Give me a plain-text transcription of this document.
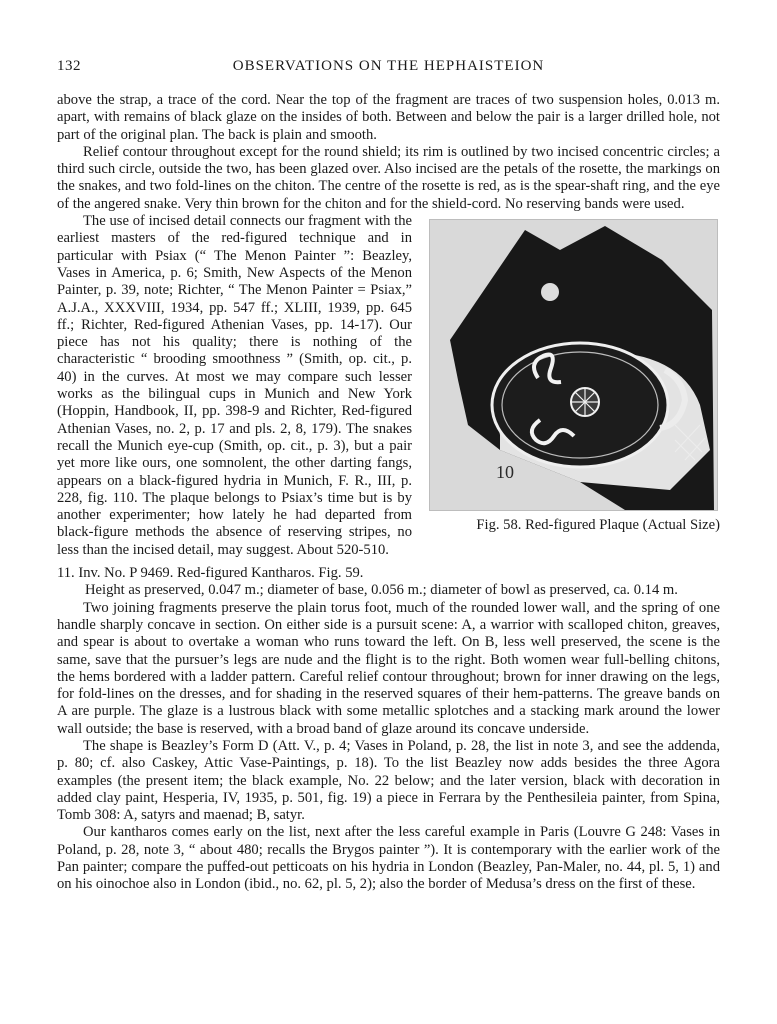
132	OBSERVATIONS ON THE HEPHAISTEION

above the strap, a trace of the cord. Near the top of the fragment are traces of two suspension holes, 0.013 m. apart, with remains of black glaze on the insides of both. Between and below the pair is a larger drilled hole, not part of the original plan. The back is plain and smooth.

Relief contour throughout except for the round shield; its rim is outlined by two incised concentric circles; a third such circle, outside the two, has been glazed over. Also incised are the petals of the rosette, the markings on the snakes, and two fold-lines on the chiton. The centre of the rosette is red, as is the spear-shaft ring, and the eye of the angered snake. Very thin brown for the chiton and for the shield-cord. No reserving bands were used.

10
Fig. 58. Red-figured Plaque (Actual Size)

The use of incised detail connects our fragment with the earliest masters of the red-figured technique and in particular with Psiax (“ The Menon Painter ”: Beazley, Vases in America, p. 6; Smith, New Aspects of the Menon Painter, p. 39, note; Richter, “ The Menon Painter = Psiax,” A.J.A., XXXVIII, 1934, pp. 547 ff.; XLIII, 1939, pp. 645 ff.; Richter, Red-figured Athenian Vases, pp. 14-17). Our piece has not his quality; there is nothing of the characteristic “ brooding smoothness ” (Smith, op. cit., p. 40) in the curves. At most we may compare such lesser works as the bilingual cups in Munich and New York (Hoppin, Handbook, II, pp. 398-9 and Richter, Red-figured Athenian Vases, no. 2, p. 17 and pls. 2, 8, 179). The snakes recall the Munich eye-cup (Smith, op. cit., p. 3), but a pair yet more like ours, one somnolent, the other darting fangs, appears on a black-figured hydria in Munich, F. R., III, p. 228, fig. 110. The plaque belongs to Psiax’s time but is by another experimenter; how lately he had departed from black-figure methods the absence of reserving stripes, no less than the incised detail, may suggest. About 520-510.

11. Inv. No. P 9469. Red-figured Kantharos. Fig. 59.

Height as preserved, 0.047 m.; diameter of base, 0.056 m.; diameter of bowl as preserved, ca. 0.14 m.

Two joining fragments preserve the plain torus foot, much of the rounded lower wall, and the spring of one handle sharply concave in section. On either side is a pursuit scene: A, a warrior with scalloped chiton, greaves, and spear is about to overtake a woman who runs toward the left. On B, less well preserved, the scene is the same, save that the pursuer’s legs are nude and the flight is to the right. Both women wear full-belling chitons, the hems bordered with a ladder pattern. Careful relief contour throughout; brown for inner drawing on the legs, for fold-lines on the dresses, and for shading in the reserved squares of their hem-patterns. The greave bands on A are purple. The glaze is a lustrous black with some metallic splotches and a stacking mark around the lower wall outside; the base is reserved, with a broad band of glaze around its concave underside.

The shape is Beazley’s Form D (Att. V., p. 4; Vases in Poland, p. 28, the list in note 3, and see the addenda, p. 80; cf. also Caskey, Attic Vase-Paintings, p. 18). To the list Beazley now adds besides the three Agora examples (the present item; the black example, No. 22 below; and the later version, black with decoration in added clay paint, Hesperia, IV, 1935, p. 501, fig. 19) a piece in Ferrara by the Penthesileia painter, from Spina, Tomb 308: A, satyrs and maenad; B, satyr.

Our kantharos comes early on the list, next after the less careful example in Paris (Louvre G 248: Vases in Poland, p. 28, note 3, “ about 480; recalls the Brygos painter ”). It is contemporary with the earlier work of the Pan painter; compare the puffed-out petticoats on his hydria in London (Beazley, Pan-Maler, no. 44, pl. 5, 1) and on his oinochoe also in London (ibid., no. 62, pl. 5, 2); also the border of Medusa’s dress on the first of these.
